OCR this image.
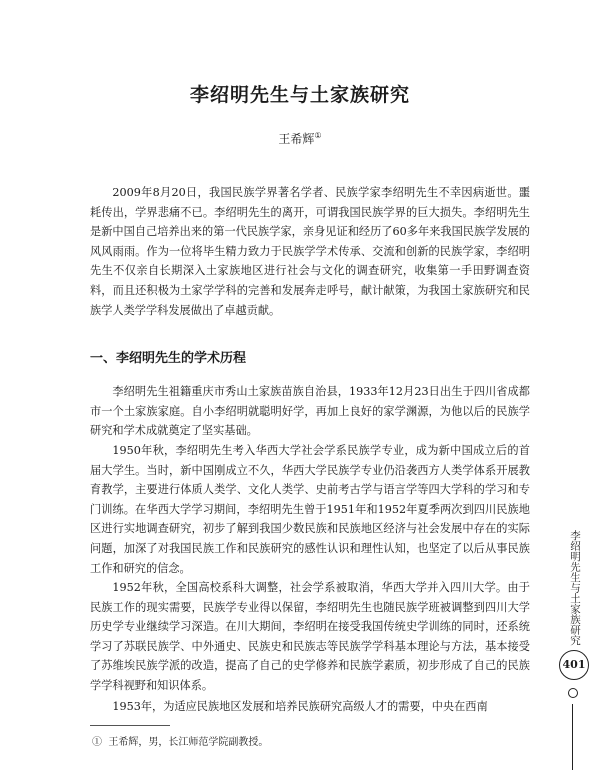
李绍明先生与土家族研究
王希辉①

2009年8月20日，我国民族学界著名学者、民族学家李绍明先生不幸因病逝世。噩耗传出，学界悲痛不已。李绍明先生的离开，可谓我国民族学界的巨大损失。李绍明先生是新中国自己培养出来的第一代民族学家，亲身见证和经历了60多年来我国民族学发展的风风雨雨。作为一位将毕生精力致力于民族学学术传承、交流和创新的民族学家，李绍明先生不仅亲自长期深入土家族地区进行社会与文化的调查研究，收集第一手田野调查资料，而且还积极为土家学学科的完善和发展奔走呼号，献计献策，为我国土家族研究和民族学人类学学科发展做出了卓越贡献。

一、李绍明先生的学术历程

李绍明先生祖籍重庆市秀山土家族苗族自治县，1933年12月23日出生于四川省成都市一个土家族家庭。自小李绍明就聪明好学，再加上良好的家学渊源，为他以后的民族学研究和学术成就奠定了坚实基础。

1950年秋，李绍明先生考入华西大学社会学系民族学专业，成为新中国成立后的首届大学生。当时，新中国刚成立不久，华西大学民族学专业仍沿袭西方人类学体系开展教育教学，主要进行体质人类学、文化人类学、史前考古学与语言学等四大学科的学习和专门训练。在华西大学学习期间，李绍明先生曾于1951年和1952年夏季两次到四川民族地区进行实地调查研究，初步了解到我国少数民族和民族地区经济与社会发展中存在的实际问题，加深了对我国民族工作和民族研究的感性认识和理性认知，也坚定了以后从事民族工作和研究的信念。

1952年秋，全国高校系科大调整，社会学系被取消，华西大学并入四川大学。由于民族工作的现实需要，民族学专业得以保留，李绍明先生也随民族学班被调整到四川大学历史学专业继续学习深造。在川大期间，李绍明在接受我国传统史学训练的同时，还系统学习了苏联民族学、中外通史、民族史和民族志等民族学学科基本理论与方法，基本接受了苏维埃民族学派的改造，提高了自己的史学修养和民族学素质，初步形成了自己的民族学学科视野和知识体系。

1953年，为适应民族地区发展和培养民族研究高级人才的需要，中央在西南

① 王希辉，男，长江师范学院副教授。
李绍明先生与土家族研究
401
